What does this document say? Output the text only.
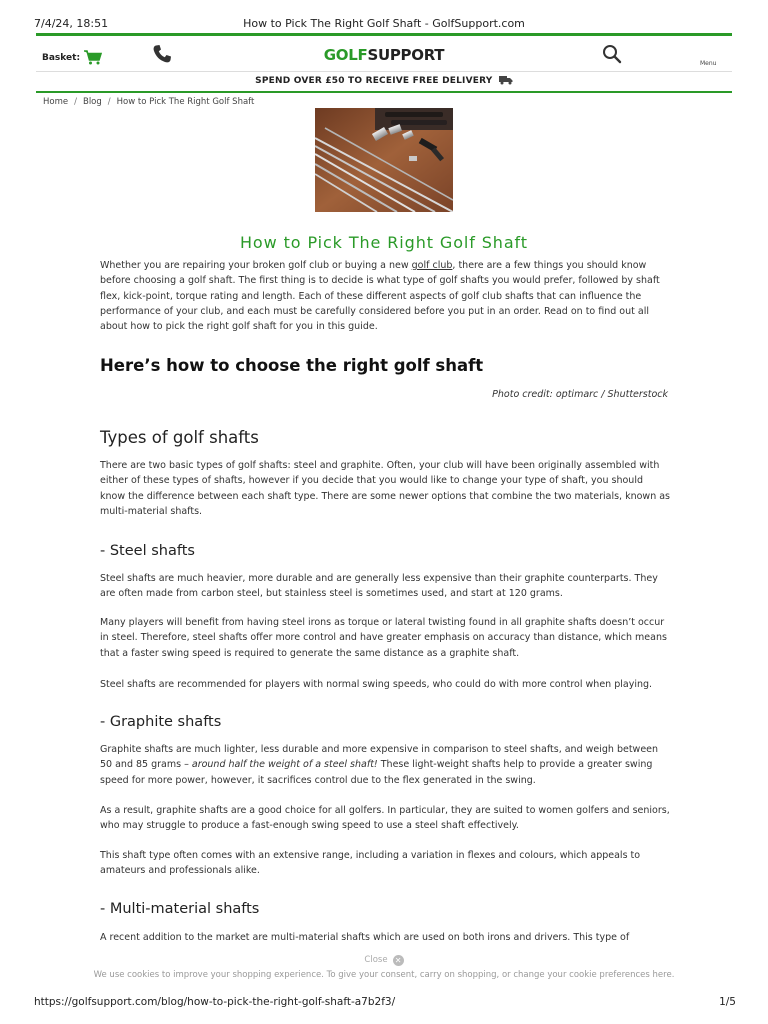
7/4/24, 18:51	How to Pick The Right Golf Shaft - GolfSupport.com
Basket:	GOLFSUPPORT	Menu
SPEND OVER £50 TO RECEIVE FREE DELIVERY
Home / Blog / How to Pick The Right Golf Shaft
How to Pick The Right Golf Shaft

Whether you are repairing your broken golf club or buying a new golf club, there are a few things you should know before choosing a golf shaft. The first thing is to decide is what type of golf shafts you would prefer, followed by shaft flex, kick-point, torque rating and length. Each of these different aspects of golf club shafts that can influence the performance of your club, and each must be carefully considered before you put in an order. Read on to find out all about how to pick the right golf shaft for you in this guide.

Here’s how to choose the right golf shaft
Photo credit: optimarc / Shutterstock
Types of golf shafts

There are two basic types of golf shafts: steel and graphite. Often, your club will have been originally assembled with either of these types of shafts, however if you decide that you would like to change your type of shaft, you should know the difference between each shaft type. There are some newer options that combine the two materials, known as multi-material shafts.

- Steel shafts

Steel shafts are much heavier, more durable and are generally less expensive than their graphite counterparts. They are often made from carbon steel, but stainless steel is sometimes used, and start at 120 grams.

Many players will benefit from having steel irons as torque or lateral twisting found in all graphite shafts doesn’t occur in steel. Therefore, steel shafts offer more control and have greater emphasis on accuracy than distance, which means that a faster swing speed is required to generate the same distance as a graphite shaft.

Steel shafts are recommended for players with normal swing speeds, who could do with more control when playing.

- Graphite shafts

Graphite shafts are much lighter, less durable and more expensive in comparison to steel shafts, and weigh between 50 and 85 grams – around half the weight of a steel shaft! These light-weight shafts help to provide a greater swing speed for more power, however, it sacrifices control due to the flex generated in the swing.

As a result, graphite shafts are a good choice for all golfers. In particular, they are suited to women golfers and seniors, who may struggle to produce a fast-enough swing speed to use a steel shaft effectively.

This shaft type often comes with an extensive range, including a variation in flexes and colours, which appeals to amateurs and professionals alike.

- Multi-material shafts

A recent addition to the market are multi-material shafts which are used on both irons and drivers. This type of

Close ✕
We use cookies to improve your shopping experience. To give your consent, carry on shopping, or change your cookie preferences here.
https://golfsupport.com/blog/how-to-pick-the-right-golf-shaft-a7b2f3/	1/5
